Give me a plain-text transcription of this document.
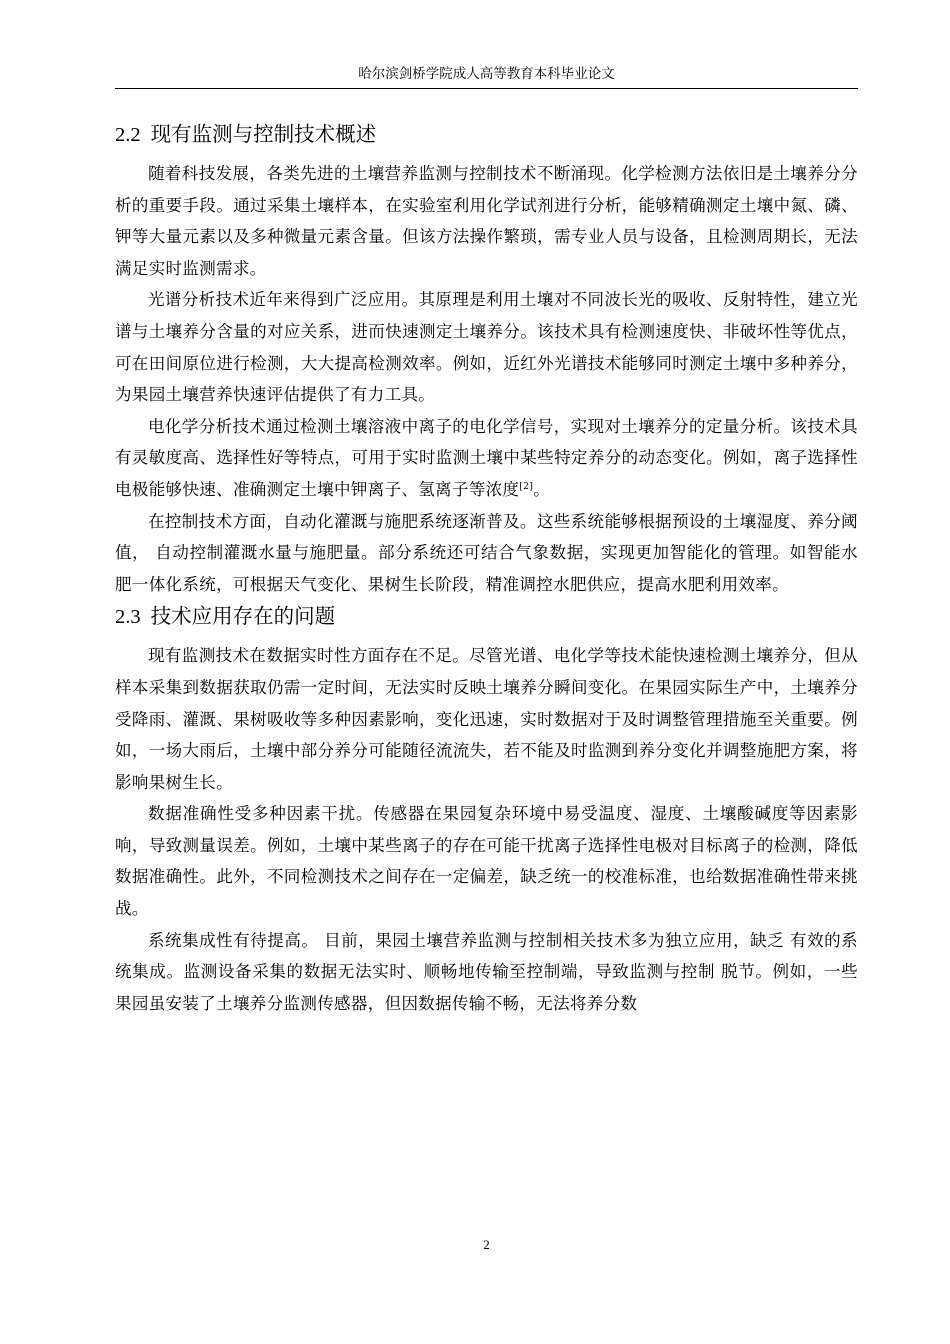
哈尔滨剑桥学院成人高等教育本科毕业论文
2.2 现有监测与控制技术概述

随着科技发展，各类先进的土壤营养监测与控制技术不断涌现。化学检测方法依旧是土壤养分分析的重要手段。通过采集土壤样本，在实验室利用化学试剂进行分析，能够精确测定土壤中氮、磷、钾等大量元素以及多种微量元素含量。但该方法操作繁琐，需专业人员与设备，且检测周期长，无法满足实时监测需求。

光谱分析技术近年来得到广泛应用。其原理是利用土壤对不同波长光的吸收、反射特性，建立光谱与土壤养分含量的对应关系，进而快速测定土壤养分。该技术具有检测速度快、非破坏性等优点，可在田间原位进行检测，大大提高检测效率。例如，近红外光谱技术能够同时测定土壤中多种养分，为果园土壤营养快速评估提供了有力工具。

电化学分析技术通过检测土壤溶液中离子的电化学信号，实现对土壤养分的定量分析。该技术具有灵敏度高、选择性好等特点，可用于实时监测土壤中某些特定养分的动态变化。例如，离子选择性电极能够快速、准确测定土壤中钾离子、氢离子等浓度[2]。

在控制技术方面，自动化灌溉与施肥系统逐渐普及。这些系统能够根据预设的土壤湿度、养分阈值， 自动控制灌溉水量与施肥量。部分系统还可结合气象数据，实现更加智能化的管理。如智能水肥一体化系统，可根据天气变化、果树生长阶段，精准调控水肥供应，提高水肥利用效率。

2.3 技术应用存在的问题

现有监测技术在数据实时性方面存在不足。尽管光谱、电化学等技术能快速检测土壤养分，但从样本采集到数据获取仍需一定时间，无法实时反映土壤养分瞬间变化。在果园实际生产中，土壤养分受降雨、灌溉、果树吸收等多种因素影响，变化迅速，实时数据对于及时调整管理措施至关重要。例如，一场大雨后，土壤中部分养分可能随径流流失，若不能及时监测到养分变化并调整施肥方案，将影响果树生长。

数据准确性受多种因素干扰。传感器在果园复杂环境中易受温度、湿度、土壤酸碱度等因素影响，导致测量误差。例如，土壤中某些离子的存在可能干扰离子选择性电极对目标离子的检测，降低数据准确性。此外，不同检测技术之间存在一定偏差，缺乏统一的校准标准，也给数据准确性带来挑战。

系统集成性有待提高。 目前，果园土壤营养监测与控制相关技术多为独立应用，缺乏 有效的系统集成。监测设备采集的数据无法实时、顺畅地传输至控制端，导致监测与控制 脱节。例如，一些果园虽安装了土壤养分监测传感器，但因数据传输不畅，无法将养分数

2
